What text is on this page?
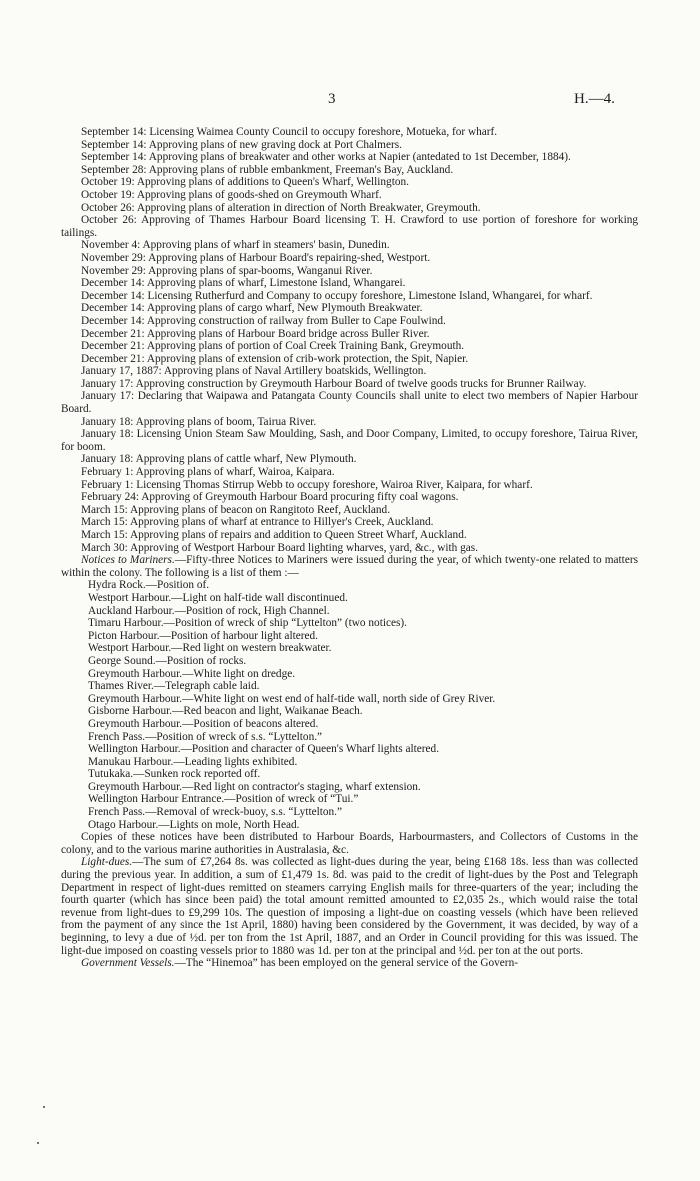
3	H.—4.

September 14: Licensing Waimea County Council to occupy foreshore, Motueka, for wharf.

September 14: Approving plans of new graving dock at Port Chalmers.

September 14: Approving plans of breakwater and other works at Napier (antedated to 1st December, 1884).

September 28: Approving plans of rubble embankment, Freeman's Bay, Auckland.

October 19: Approving plans of additions to Queen's Wharf, Wellington.

October 19: Approving plans of goods-shed on Greymouth Wharf.

October 26: Approving plans of alteration in direction of North Breakwater, Greymouth.

October 26: Approving of Thames Harbour Board licensing T. H. Crawford to use portion of foreshore for working tailings.

November 4: Approving plans of wharf in steamers' basin, Dunedin.

November 29: Approving plans of Harbour Board's repairing-shed, Westport.

November 29: Approving plans of spar-booms, Wanganui River.

December 14: Approving plans of wharf, Limestone Island, Whangarei.

December 14: Licensing Rutherfurd and Company to occupy foreshore, Limestone Island, Whangarei, for wharf.

December 14: Approving plans of cargo wharf, New Plymouth Breakwater.

December 14: Approving construction of railway from Buller to Cape Foulwind.

December 21: Approving plans of Harbour Board bridge across Buller River.

December 21: Approving plans of portion of Coal Creek Training Bank, Greymouth.

December 21: Approving plans of extension of crib-work protection, the Spit, Napier.

January 17, 1887: Approving plans of Naval Artillery boatskids, Wellington.

January 17: Approving construction by Greymouth Harbour Board of twelve goods trucks for Brunner Railway.

January 17: Declaring that Waipawa and Patangata County Councils shall unite to elect two members of Napier Harbour Board.

January 18: Approving plans of boom, Tairua River.

January 18: Licensing Union Steam Saw Moulding, Sash, and Door Company, Limited, to occupy foreshore, Tairua River, for boom.

January 18: Approving plans of cattle wharf, New Plymouth.

February 1: Approving plans of wharf, Wairoa, Kaipara.

February 1: Licensing Thomas Stirrup Webb to occupy foreshore, Wairoa River, Kaipara, for wharf.

February 24: Approving of Greymouth Harbour Board procuring fifty coal wagons.

March 15: Approving plans of beacon on Rangitoto Reef, Auckland.

March 15: Approving plans of wharf at entrance to Hillyer's Creek, Auckland.

March 15: Approving plans of repairs and addition to Queen Street Wharf, Auckland.

March 30: Approving of Westport Harbour Board lighting wharves, yard, &c., with gas.

Notices to Mariners.—Fifty-three Notices to Mariners were issued during the year, of which twenty-one related to matters within the colony. The following is a list of them :—

Hydra Rock.—Position of.

Westport Harbour.—Light on half-tide wall discontinued.

Auckland Harbour.—Position of rock, High Channel.

Timaru Harbour.—Position of wreck of ship “Lyttelton” (two notices).

Picton Harbour.—Position of harbour light altered.

Westport Harbour.—Red light on western breakwater.

George Sound.—Position of rocks.

Greymouth Harbour.—White light on dredge.

Thames River.—Telegraph cable laid.

Greymouth Harbour.—White light on west end of half-tide wall, north side of Grey River.

Gisborne Harbour.—Red beacon and light, Waikanae Beach.

Greymouth Harbour.—Position of beacons altered.

French Pass.—Position of wreck of s.s. “Lyttelton.”

Wellington Harbour.—Position and character of Queen's Wharf lights altered.

Manukau Harbour.—Leading lights exhibited.

Tutukaka.—Sunken rock reported off.

Greymouth Harbour.—Red light on contractor's staging, wharf extension.

Wellington Harbour Entrance.—Position of wreck of “Tui.”

French Pass.—Removal of wreck-buoy, s.s. “Lyttelton.”

Otago Harbour.—Lights on mole, North Head.

Copies of these notices have been distributed to Harbour Boards, Harbourmasters, and Collectors of Customs in the colony, and to the various marine authorities in Australasia, &c.

Light-dues.—The sum of £7,264 8s. was collected as light-dues during the year, being £168 18s. less than was collected during the previous year. In addition, a sum of £1,479 1s. 8d. was paid to the credit of light-dues by the Post and Telegraph Department in respect of light-dues remitted on steamers carrying English mails for three-quarters of the year; including the fourth quarter (which has since been paid) the total amount remitted amounted to £2,035 2s., which would raise the total revenue from light-dues to £9,299 10s. The question of imposing a light-due on coasting vessels (which have been relieved from the payment of any since the 1st April, 1880) having been considered by the Government, it was decided, by way of a beginning, to levy a due of ½d. per ton from the 1st April, 1887, and an Order in Council providing for this was issued. The light-due imposed on coasting vessels prior to 1880 was 1d. per ton at the principal and ½d. per ton at the out ports.

Government Vessels.—The “Hinemoa” has been employed on the general service of the Govern-
